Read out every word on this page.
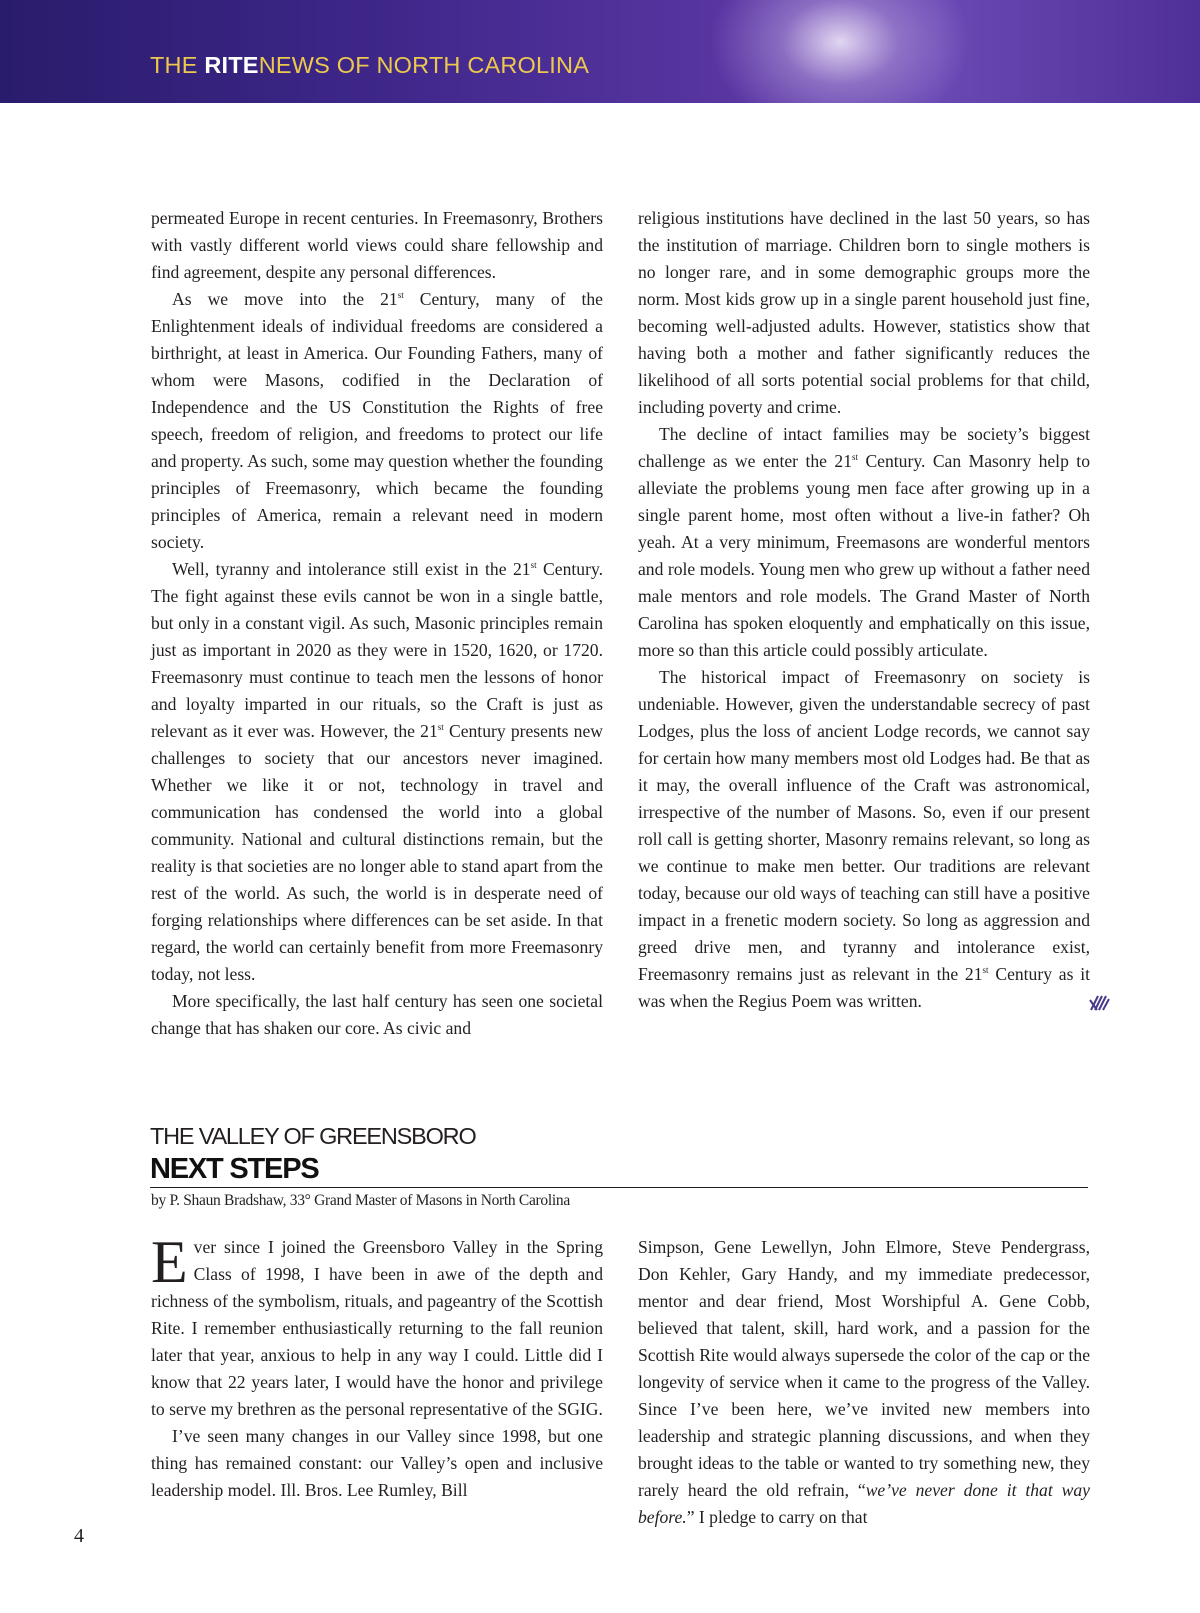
THE RITENEWS OF NORTH CAROLINA

permeated Europe in recent centuries. In Freemasonry, Brothers with vastly different world views could share fellowship and find agreement, despite any personal differences.

As we move into the 21st Century, many of the Enlightenment ideals of individual freedoms are considered a birthright, at least in America. Our Founding Fathers, many of whom were Masons, codified in the Declaration of Independence and the US Constitution the Rights of free speech, freedom of religion, and freedoms to protect our life and property. As such, some may question whether the founding principles of Freemasonry, which became the founding principles of America, remain a relevant need in modern society.

Well, tyranny and intolerance still exist in the 21st Century. The fight against these evils cannot be won in a single battle, but only in a constant vigil. As such, Masonic principles remain just as important in 2020 as they were in 1520, 1620, or 1720. Freemasonry must continue to teach men the lessons of honor and loyalty imparted in our rituals, so the Craft is just as relevant as it ever was. However, the 21st Century presents new challenges to society that our ancestors never imagined. Whether we like it or not, technology in travel and communication has condensed the world into a global community. National and cultural distinctions remain, but the reality is that societies are no longer able to stand apart from the rest of the world. As such, the world is in desperate need of forging relationships where differences can be set aside. In that regard, the world can certainly benefit from more Freemasonry today, not less.

More specifically, the last half century has seen one societal change that has shaken our core. As civic and

religious institutions have declined in the last 50 years, so has the institution of marriage. Children born to single mothers is no longer rare, and in some demographic groups more the norm. Most kids grow up in a single parent household just fine, becoming well-adjusted adults. However, statistics show that having both a mother and father significantly reduces the likelihood of all sorts potential social problems for that child, including poverty and crime.

The decline of intact families may be society’s biggest challenge as we enter the 21st Century. Can Masonry help to alleviate the problems young men face after growing up in a single parent home, most often without a live-in father? Oh yeah. At a very minimum, Freemasons are wonderful mentors and role models. Young men who grew up without a father need male mentors and role models. The Grand Master of North Carolina has spoken eloquently and emphatically on this issue, more so than this article could possibly articulate.

The historical impact of Freemasonry on society is undeniable. However, given the understandable secrecy of past Lodges, plus the loss of ancient Lodge records, we cannot say for certain how many members most old Lodges had. Be that as it may, the overall influence of the Craft was astronomical, irrespective of the number of Masons. So, even if our present roll call is getting shorter, Masonry remains relevant, so long as we continue to make men better. Our traditions are relevant today, because our old ways of teaching can still have a positive impact in a frenetic modern society. So long as aggression and greed drive men, and tyranny and intolerance exist, Freemasonry remains just as relevant in the 21st Century as it was when the Regius Poem was written.

THE VALLEY OF GREENSBORO
NEXT STEPS
by P. Shaun Bradshaw, 33° Grand Master of Masons in North Carolina

Ever since I joined the Greensboro Valley in the Spring Class of 1998, I have been in awe of the depth and richness of the symbolism, rituals, and pageantry of the Scottish Rite. I remember enthusiastically returning to the fall reunion later that year, anxious to help in any way I could. Little did I know that 22 years later, I would have the honor and privilege to serve my brethren as the personal representative of the SGIG.

I’ve seen many changes in our Valley since 1998, but one thing has remained constant: our Valley’s open and inclusive leadership model. Ill. Bros. Lee Rumley, Bill

Simpson, Gene Lewellyn, John Elmore, Steve Pendergrass, Don Kehler, Gary Handy, and my immediate predecessor, mentor and dear friend, Most Worshipful A. Gene Cobb, believed that talent, skill, hard work, and a passion for the Scottish Rite would always supersede the color of the cap or the longevity of service when it came to the progress of the Valley. Since I’ve been here, we’ve invited new members into leadership and strategic planning discussions, and when they brought ideas to the table or wanted to try something new, they rarely heard the old refrain, “we’ve never done it that way before.” I pledge to carry on that

4
